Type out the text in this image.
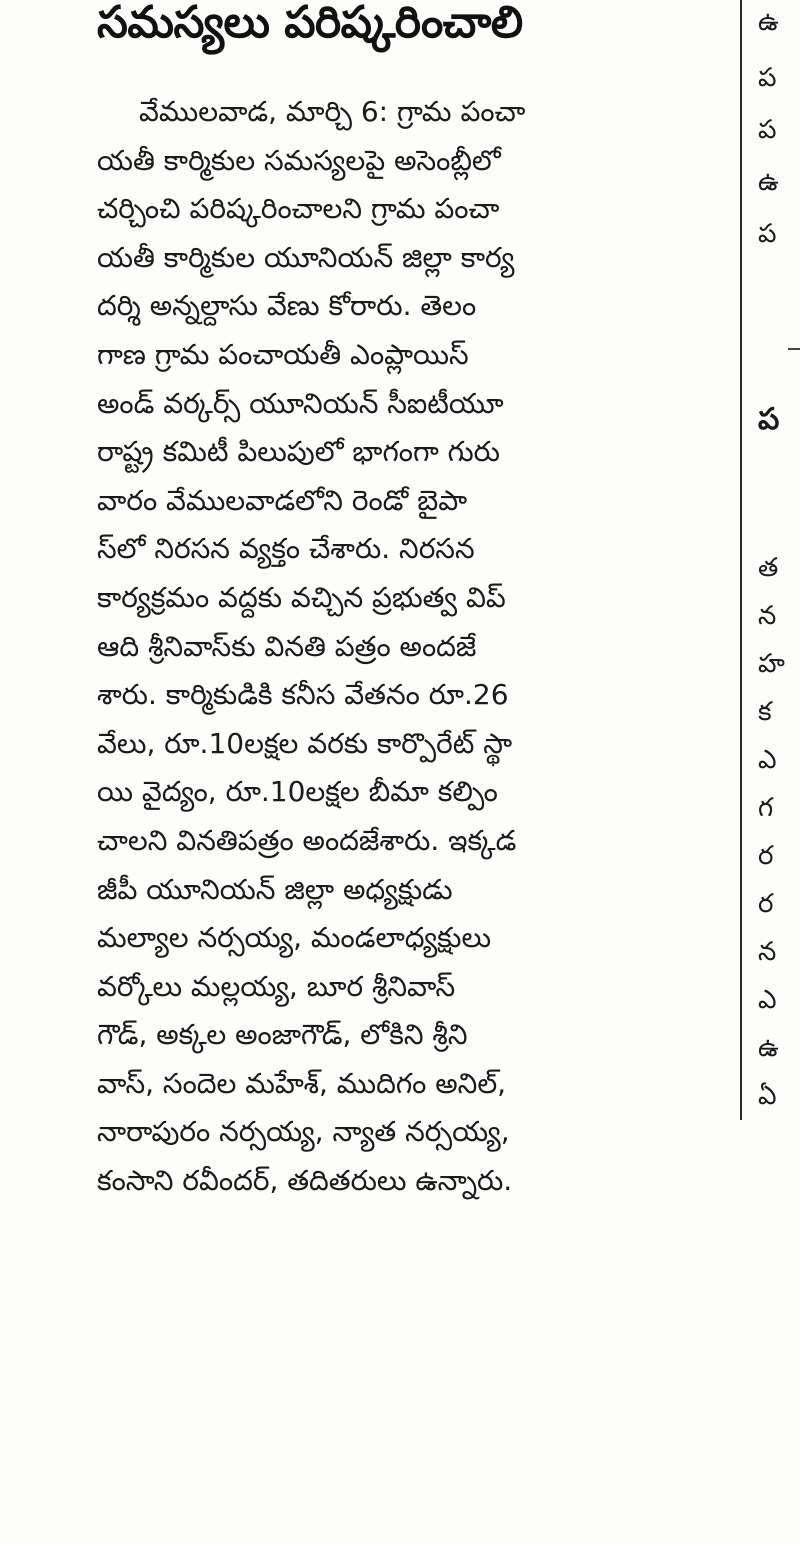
సమస్యలు పరిష్కరించాలి
వేములవాడ, మార్చి 6: గ్రామ పంచా
యతీ కార్మికుల సమస్యలపై అసెంబ్లీలో
చర్చించి పరిష్కరించాలని గ్రామ పంచా
యతీ కార్మికుల యూనియన్ జిల్లా కార్య
దర్శి అన్నల్దాసు వేణు కోరారు. తెలం
గాణ గ్రామ పంచాయతీ ఎంప్లాయిస్
అండ్ వర్కర్స్ యూనియన్ సీఐటీయూ
రాష్ట్ర కమిటీ పిలుపులో భాగంగా గురు
వారం వేములవాడలోని రెండో బైపా
స్‌లో నిరసన వ్యక్తం చేశారు. నిరసన
కార్యక్రమం వద్దకు వచ్చిన ప్రభుత్వ విప్
ఆది శ్రీనివాస్‌కు వినతి పత్రం అందజే
శారు. కార్మికుడికి కనీస వేతనం రూ.26
వేలు, రూ.10లక్షల వరకు కార్పొరేట్ స్థా
యి వైద్యం, రూ.10లక్షల బీమా కల్పిం
చాలని వినతిపత్రం అందజేశారు. ఇక్కడ
జీపీ యూనియన్ జిల్లా అధ్యక్షుడు
మల్యాల నర్సయ్య, మండలాధ్యక్షులు
వర్కోలు మల్లయ్య, బూర శ్రీనివాస్
గౌడ్, అక్కల అంజాగౌడ్, లోకిని శ్రీని
వాస్, సందెల మహేశ్, ముదిగం అనిల్,
నారాపురం నర్సయ్య, న్యాత నర్సయ్య,
కంసాని రవీందర్, తదితరులు ఉన్నారు.
ఉ
ప
ప
ఉ
ప
ప
త
న
హ
క
ఎ
గ
ర
ర
న
ఎ
ఉ
ఏ
